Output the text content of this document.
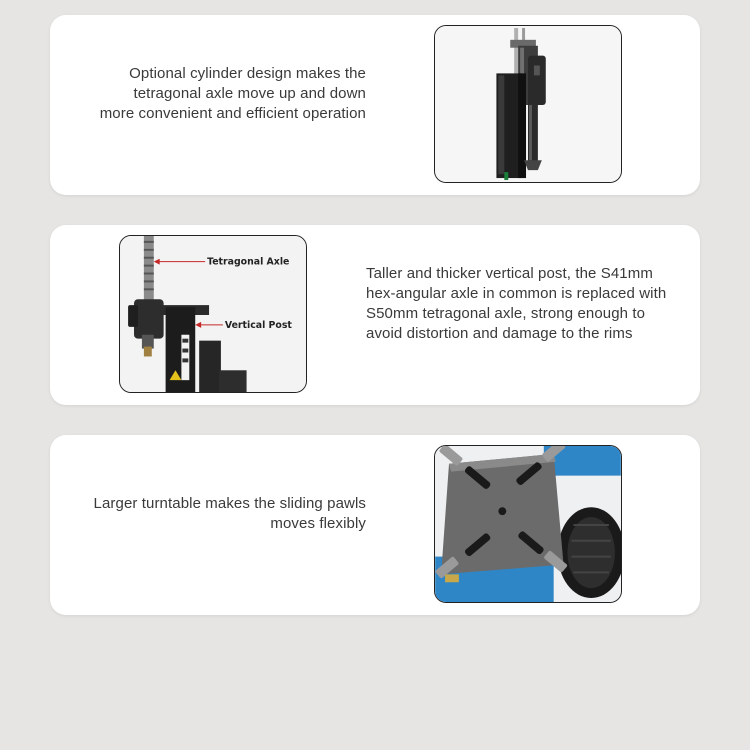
Optional cylinder design makes the
tetragonal axle move up and down
more convenient and efficient operation
Tetragonal Axle
Vertical Post
Taller and thicker vertical post, the S41mm
hex-angular axle in common is replaced with
S50mm tetragonal axle, strong enough to
avoid distortion and damage to the rims
Larger turntable makes the sliding pawls
moves flexibly
